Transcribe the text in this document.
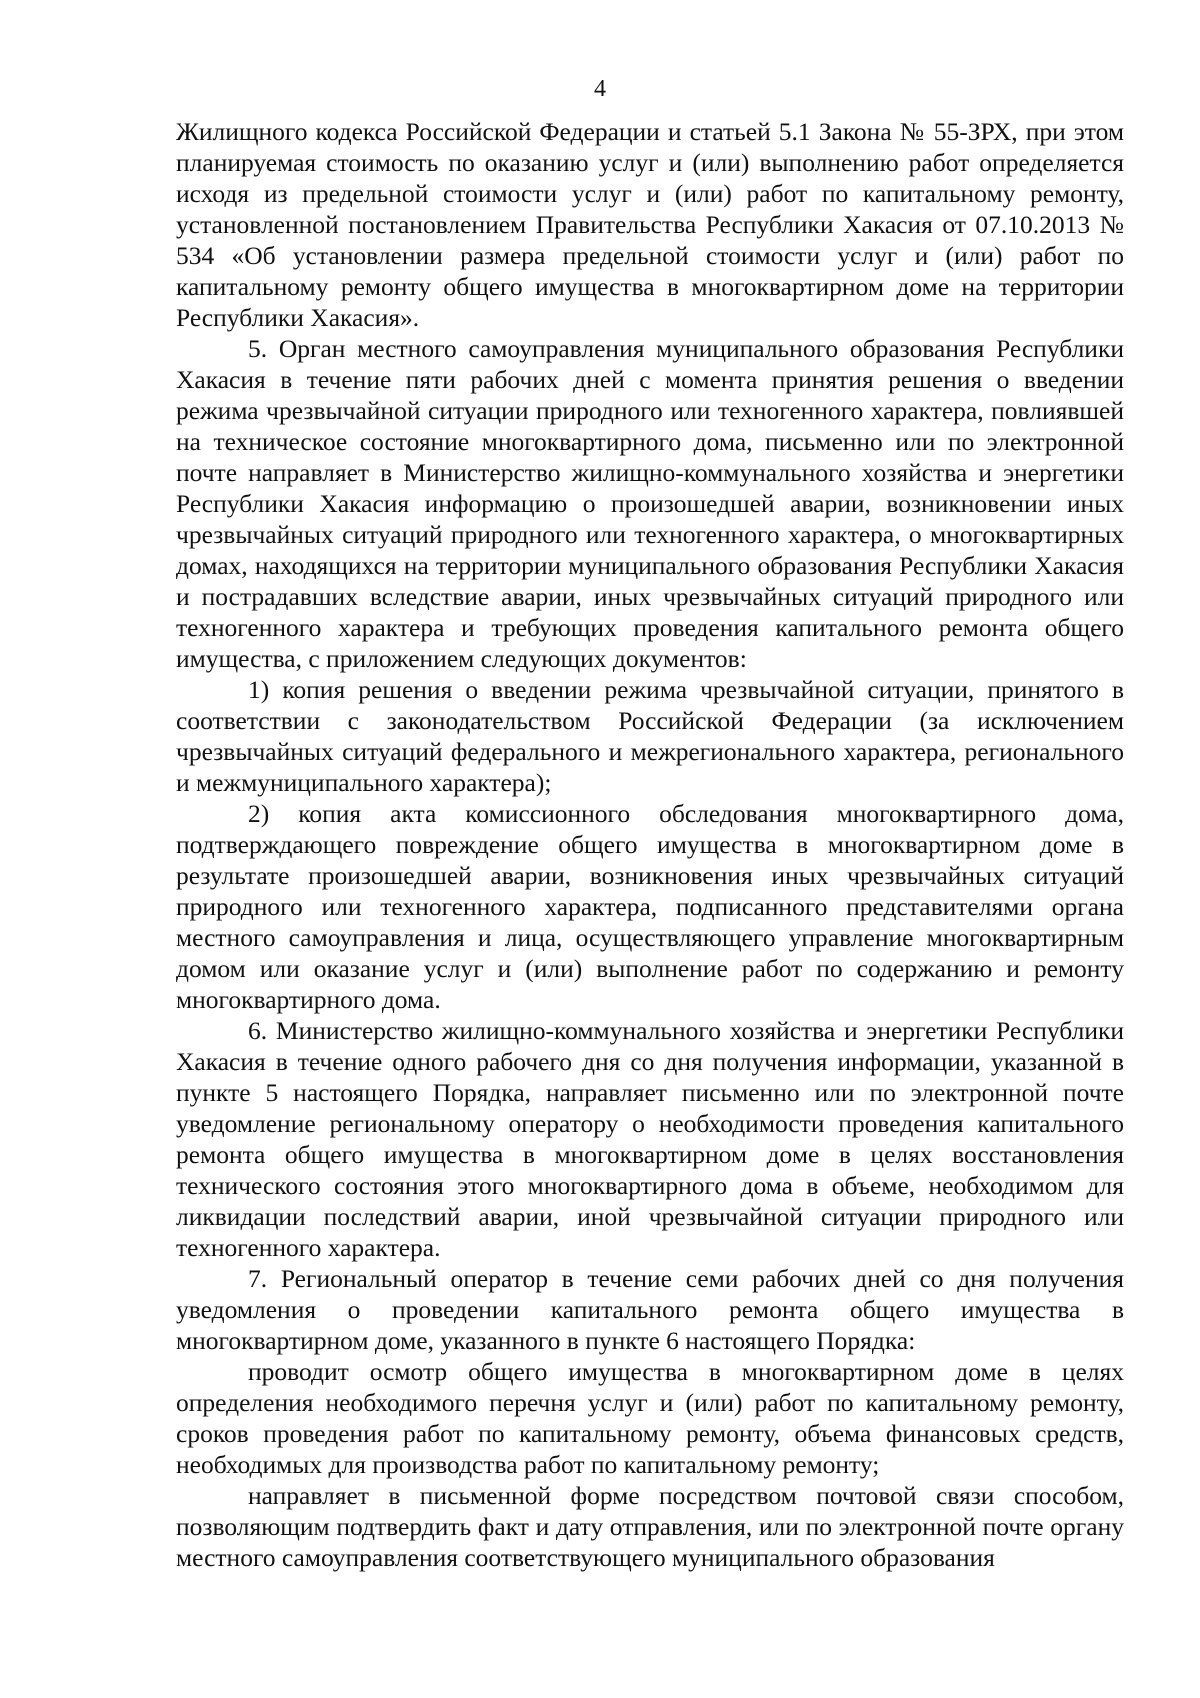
4

Жилищного кодекса Российской Федерации и статьей 5.1 Закона № 55-ЗРХ, при этом планируемая стоимость по оказанию услуг и (или) выполнению работ определяется исходя из предельной стоимости услуг и (или) работ по капитальному ремонту, установленной постановлением Правительства Республики Хакасия от 07.10.2013 № 534 «Об установлении размера предельной стоимости услуг и (или) работ по капитальному ремонту общего имущества в многоквартирном доме на территории Республики Хакасия».

5. Орган местного самоуправления муниципального образования Республики Хакасия в течение пяти рабочих дней с момента принятия решения о введении режима чрезвычайной ситуации природного или техногенного характера, повлиявшей на техническое состояние многоквартирного дома, письменно или по электронной почте направляет в Министерство жилищно-коммунального хозяйства и энергетики Республики Хакасия информацию о произошедшей аварии, возникновении иных чрезвычайных ситуаций природного или техногенного характера, о многоквартирных домах, находящихся на территории муниципального образования Республики Хакасия и пострадавших вследствие аварии, иных чрезвычайных ситуаций природного или техногенного характера и требующих проведения капитального ремонта общего имущества, с приложением следующих документов:

1) копия решения о введении режима чрезвычайной ситуации, принятого в соответствии с законодательством Российской Федерации (за исключением чрезвычайных ситуаций федерального и межрегионального характера, регионального и межмуниципального характера);

2) копия акта комиссионного обследования многоквартирного дома, подтверждающего повреждение общего имущества в многоквартирном доме в результате произошедшей аварии, возникновения иных чрезвычайных ситуаций природного или техногенного характера, подписанного представителями органа местного самоуправления и лица, осуществляющего управление многоквартирным домом или оказание услуг и (или) выполнение работ по содержанию и ремонту многоквартирного дома.

6. Министерство жилищно-коммунального хозяйства и энергетики Республики Хакасия в течение одного рабочего дня со дня получения информации, указанной в пункте 5 настоящего Порядка, направляет письменно или по электронной почте уведомление региональному оператору о необходимости проведения капитального ремонта общего имущества в многоквартирном доме в целях восстановления технического состояния этого многоквартирного дома в объеме, необходимом для ликвидации последствий аварии, иной чрезвычайной ситуации природного или техногенного характера.

7. Региональный оператор в течение семи рабочих дней со дня получения уведомления о проведении капитального ремонта общего имущества в многоквартирном доме, указанного в пункте 6 настоящего Порядка:

проводит осмотр общего имущества в многоквартирном доме в целях определения необходимого перечня услуг и (или) работ по капитальному ремонту, сроков проведения работ по капитальному ремонту, объема финансовых средств, необходимых для производства работ по капитальному ремонту;

направляет в письменной форме посредством почтовой связи способом, позволяющим подтвердить факт и дату отправления, или по электронной почте органу местного самоуправления соответствующего муниципального образования
